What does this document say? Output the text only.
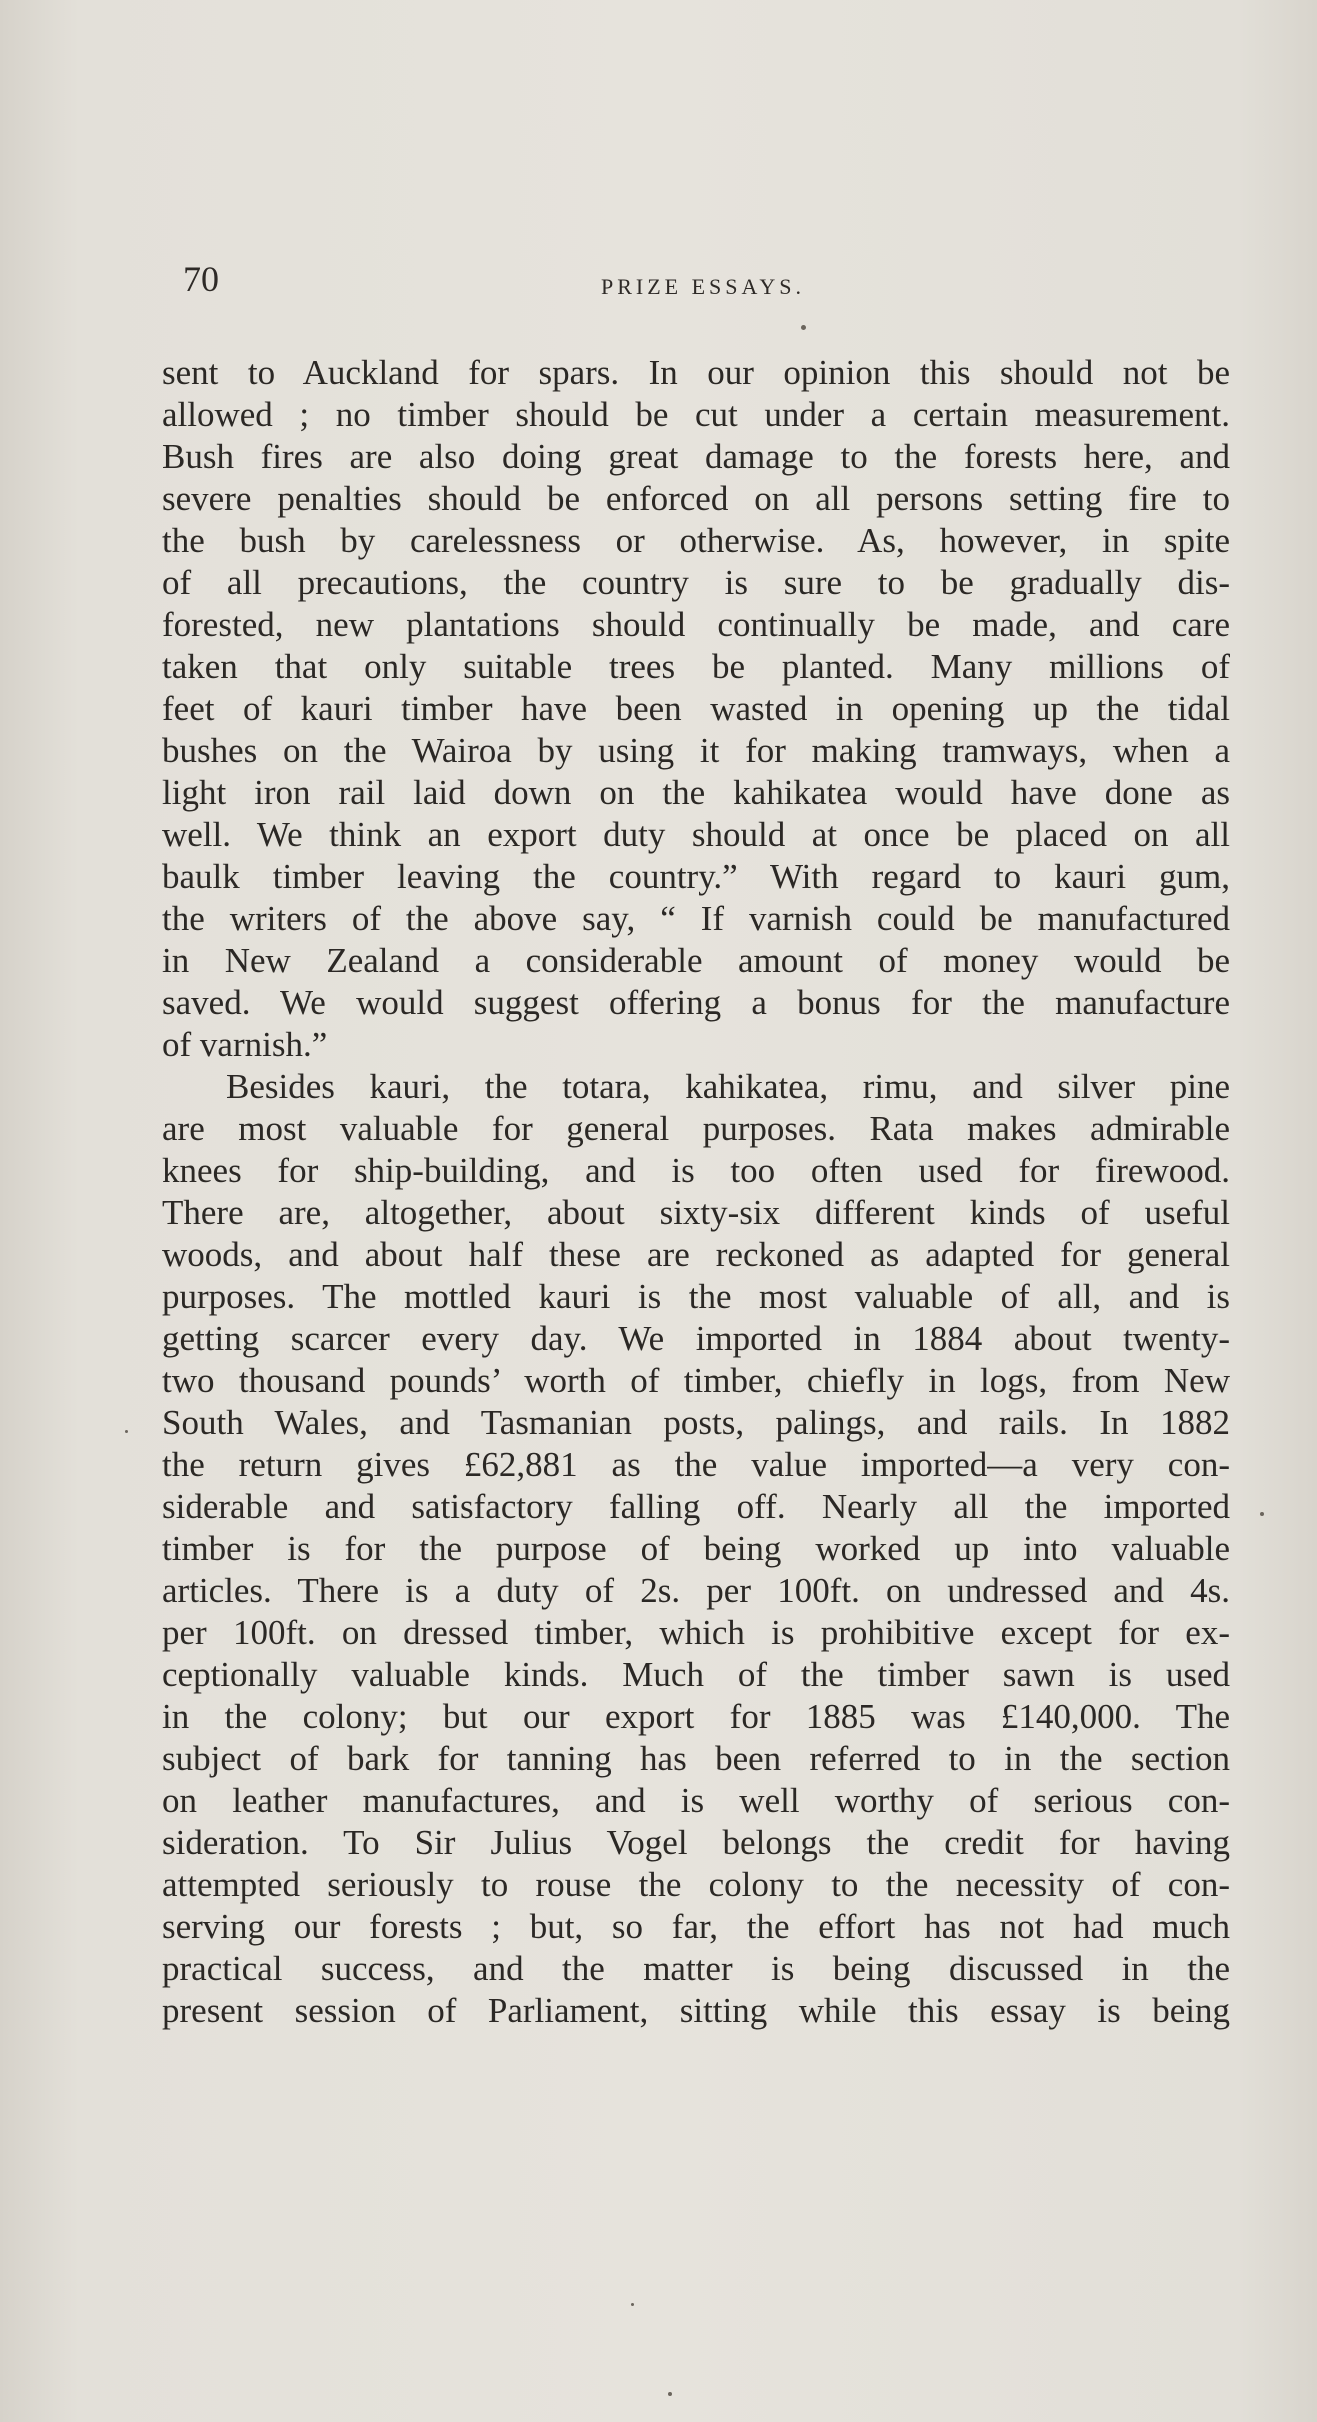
70	PRIZE ESSAYS.
sent to Auckland for spars. In our opinion this should not be
allowed ; no timber should be cut under a certain measurement.
Bush fires are also doing great damage to the forests here, and
severe penalties should be enforced on all persons setting fire to
the bush by carelessness or otherwise. As, however, in spite
of all precautions, the country is sure to be gradually dis-
forested, new plantations should continually be made, and care
taken that only suitable trees be planted. Many millions of
feet of kauri timber have been wasted in opening up the tidal
bushes on the Wairoa by using it for making tramways, when a
light iron rail laid down on the kahikatea would have done as
well. We think an export duty should at once be placed on all
baulk timber leaving the country.” With regard to kauri gum,
the writers of the above say, “ If varnish could be manufactured
in New Zealand a considerable amount of money would be
saved. We would suggest offering a bonus for the manufacture
of varnish.”
Besides kauri, the totara, kahikatea, rimu, and silver pine
are most valuable for general purposes. Rata makes admirable
knees for ship-building, and is too often used for firewood.
There are, altogether, about sixty-six different kinds of useful
woods, and about half these are reckoned as adapted for general
purposes. The mottled kauri is the most valuable of all, and is
getting scarcer every day. We imported in 1884 about twenty-
two thousand pounds’ worth of timber, chiefly in logs, from New
South Wales, and Tasmanian posts, palings, and rails. In 1882
the return gives £62,881 as the value imported—a very con-
siderable and satisfactory falling off. Nearly all the imported
timber is for the purpose of being worked up into valuable
articles. There is a duty of 2s. per 100ft. on undressed and 4s.
per 100ft. on dressed timber, which is prohibitive except for ex-
ceptionally valuable kinds. Much of the timber sawn is used
in the colony; but our export for 1885 was £140,000. The
subject of bark for tanning has been referred to in the section
on leather manufactures, and is well worthy of serious con-
sideration. To Sir Julius Vogel belongs the credit for having
attempted seriously to rouse the colony to the necessity of con-
serving our forests ; but, so far, the effort has not had much
practical success, and the matter is being discussed in the
present session of Parliament, sitting while this essay is being
